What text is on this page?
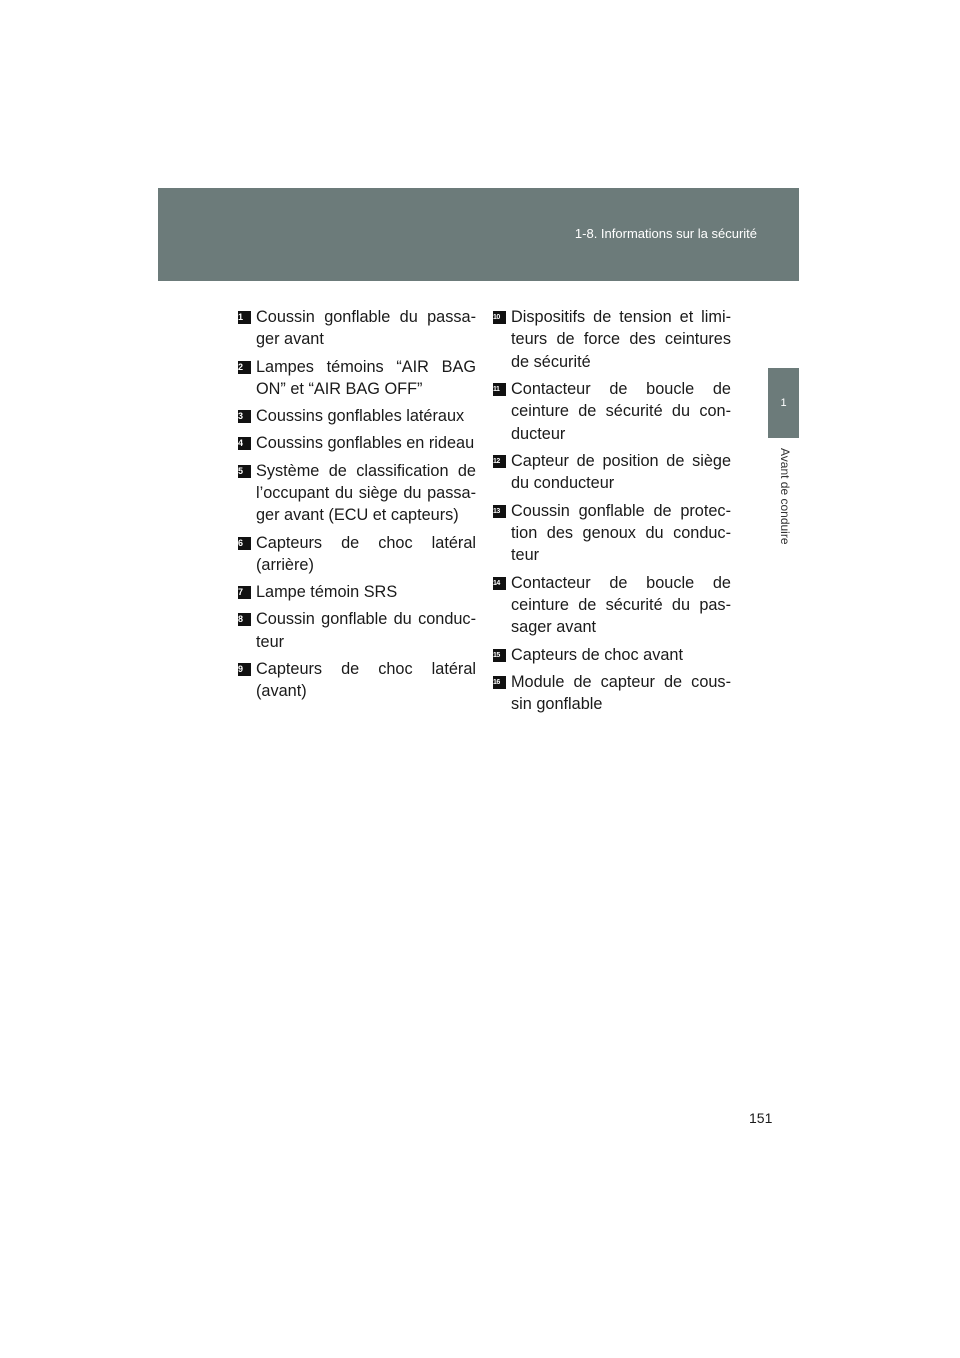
1-8. Informations sur la sécurité
1
Avant de conduire
1 Coussin gonflable du passa-ger avant
2 Lampes témoins “AIR BAG ON” et “AIR BAG OFF”
3 Coussins gonflables latéraux
4 Coussins gonflables en rideau
5 Système de classification de l’occupant du siège du passa-ger avant (ECU et capteurs)
6 Capteurs de choc latéral (arrière)
7 Lampe témoin SRS
8 Coussin gonflable du conduc-teur
9 Capteurs de choc latéral (avant)
10 Dispositifs de tension et limi-teurs de force des ceintures de sécurité
11 Contacteur de boucle de ceinture de sécurité du con-ducteur
12 Capteur de position de siège du conducteur
13 Coussin gonflable de protec-tion des genoux du conduc-teur
14 Contacteur de boucle de ceinture de sécurité du pas-sager avant
15 Capteurs de choc avant
16 Module de capteur de cous-sin gonflable
151
